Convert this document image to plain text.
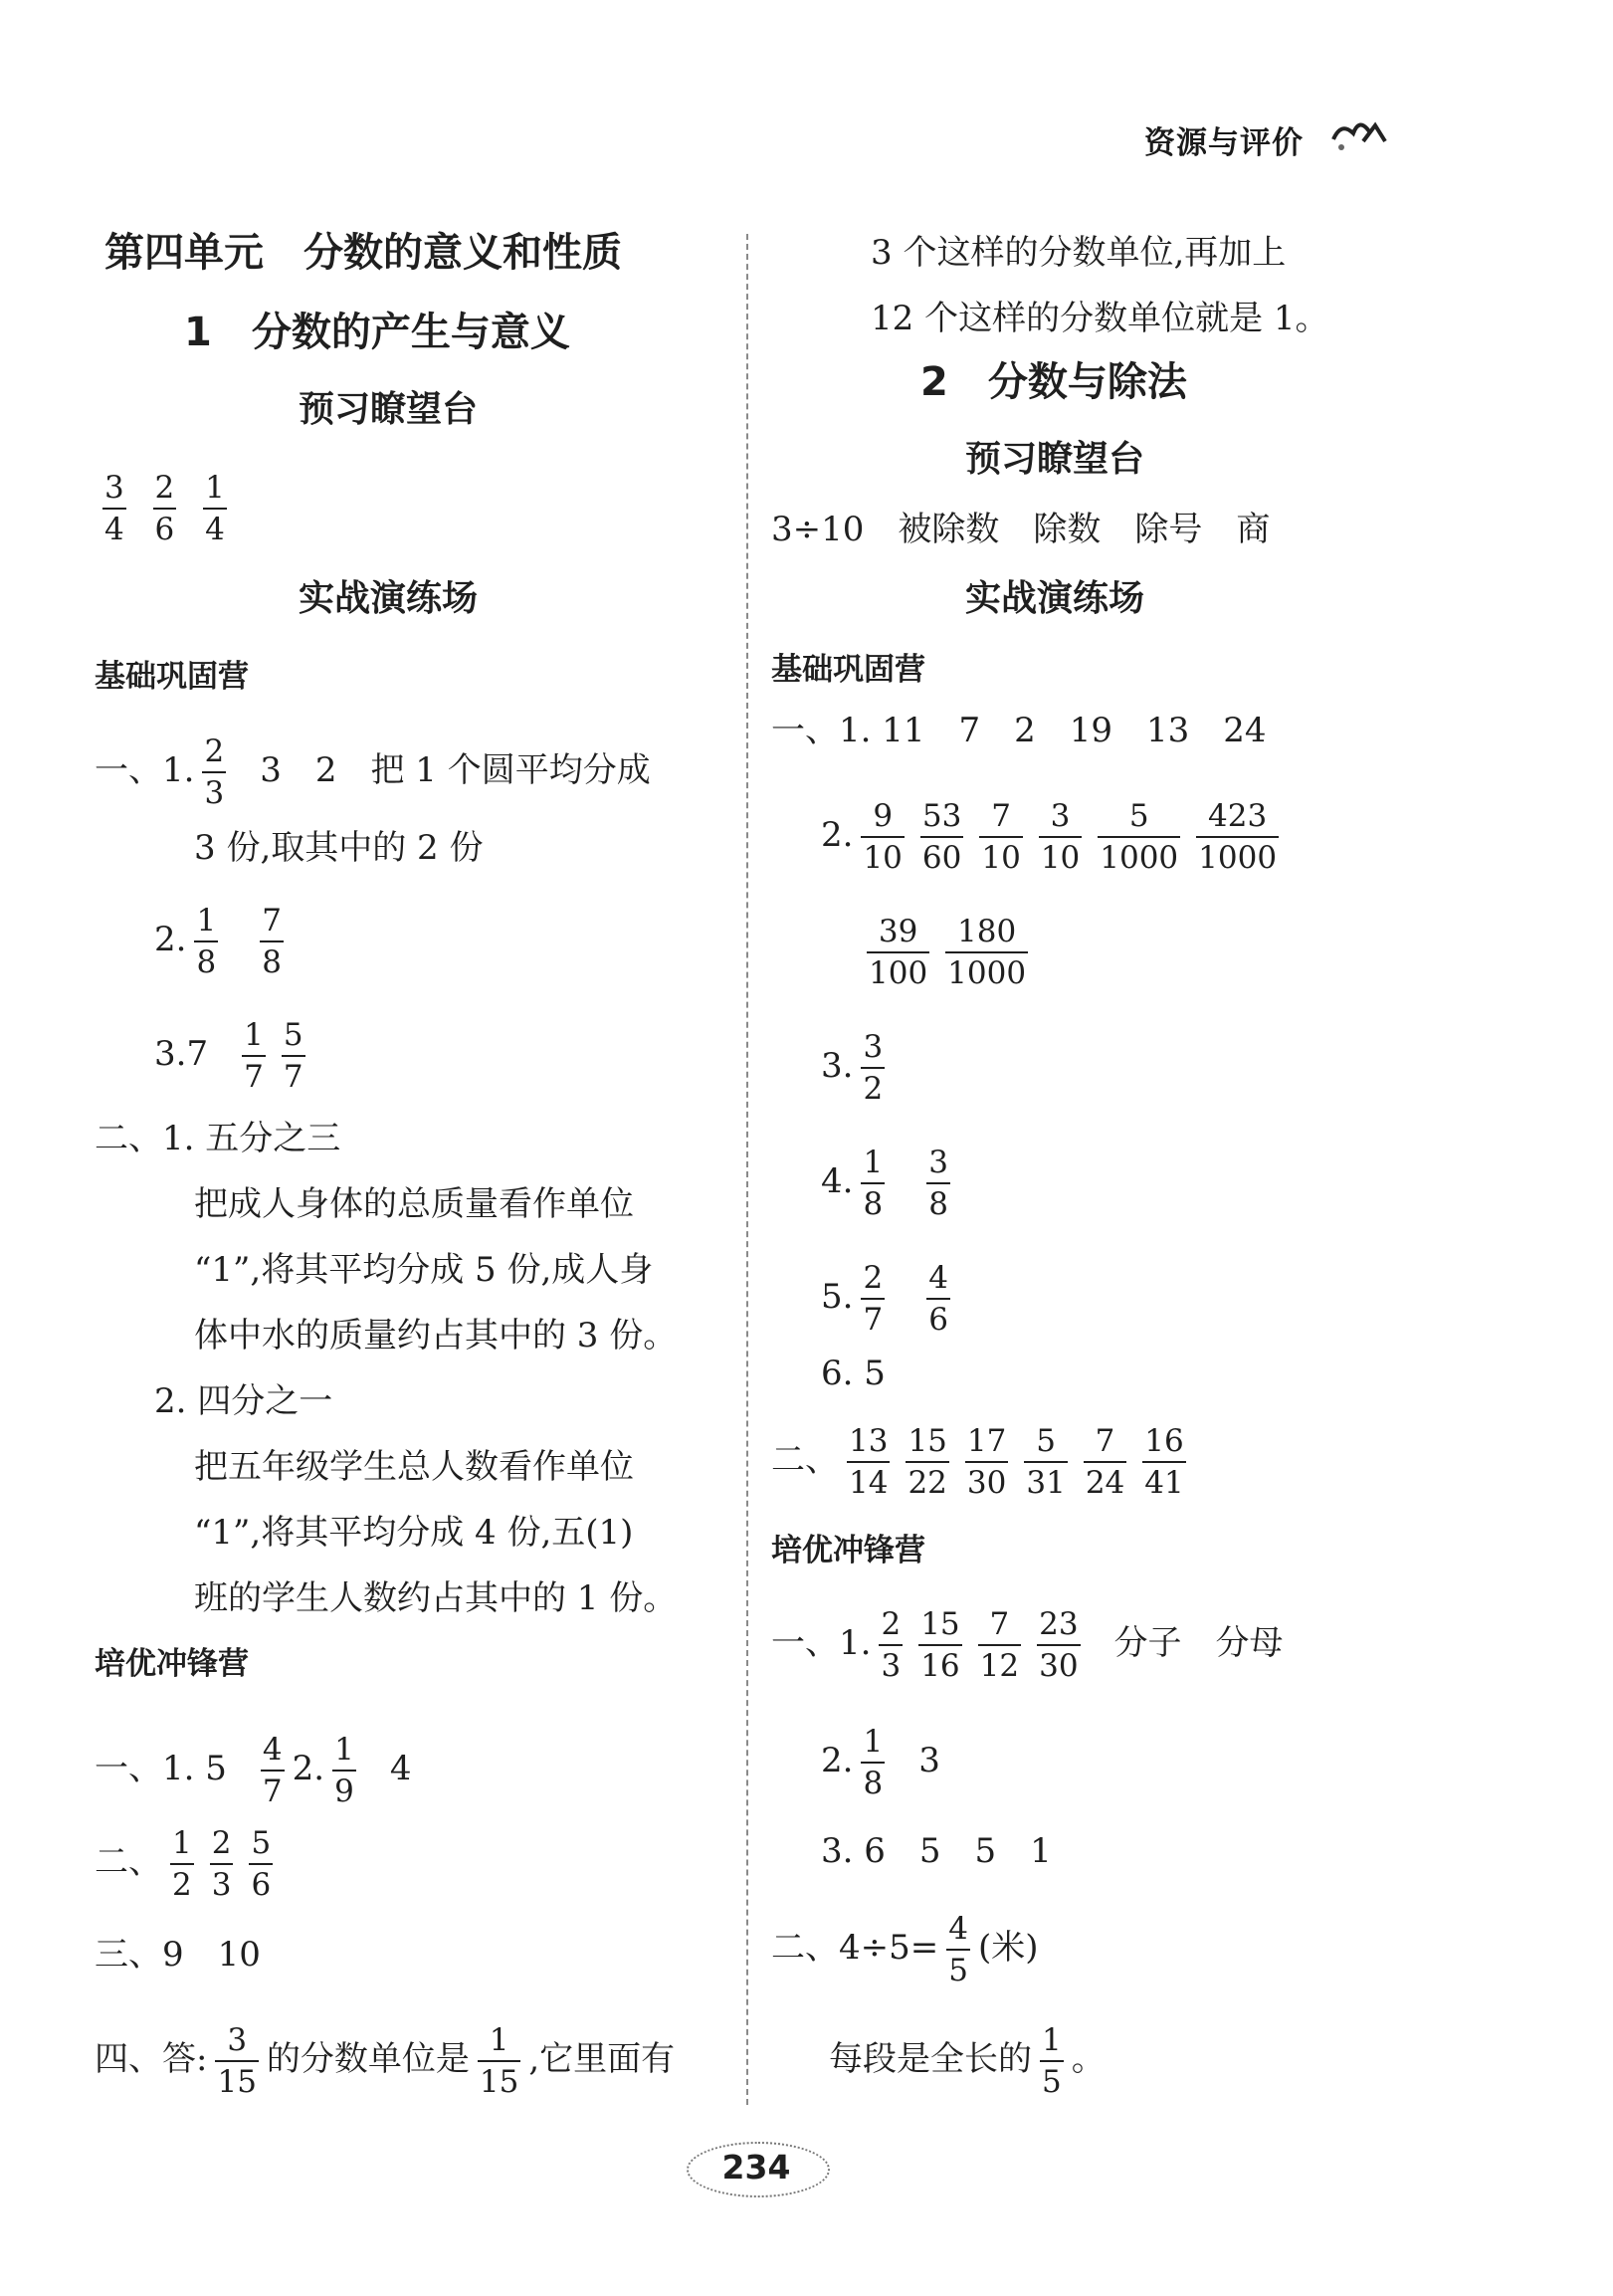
资源与评价
第四单元　分数的意义和性质
1　分数的产生与意义
预习瞭望台
$\frac{3}{4}$
$\frac{2}{6}$
$\frac{1}{4}$
实战演练场
基础巩固营
一、1. $\frac{2}{3} 3$　2　把 1 个圆平均分成
3 份,取其中的 2 份
2. $\frac{1}{8} \frac{7}{8}$
$3.7 \frac{1}{7} \frac{5}{7}$
二、1. 五分之三
把成人身体的总质量看作单位
“1”,将其平均分成 5 份,成人身
体中水的质量约占其中的 3 份。
2. 四分之一
把五年级学生总人数看作单位
“1”,将其平均分成 4 份,五(1)
班的学生人数约占其中的 1 份。
培优冲锋营
一、1. $5 \frac{4}{7} 2$. $\frac{1}{9} 4$
二、 $\frac{1}{2} \frac{2}{3} \frac{5}{6}$
三、9　10
四、答: $\frac{3}{15}$ 的分数单位是 $\frac{1}{15}$ ,它里面有
3 个这样的分数单位,再加上
12 个这样的分数单位就是 1。
2　分数与除法
预习瞭望台
3÷10　被除数　除数　除号　商
实战演练场
基础巩固营
一、1. 11　7　2　19　13　24
2. $\frac{9}{10} \frac{53}{60} \frac{7}{10} \frac{3}{10} \frac{5}{1000} \frac{423}{1000}$
$\frac{39}{100} \frac{180}{1000}$
3. $\frac{3}{2}$
4. $\frac{1}{8} \frac{3}{8}$
5. $\frac{2}{7} \frac{4}{6}$
6. 5
二、 $\frac{13}{14} \frac{15}{22} \frac{17}{30} \frac{5}{31} \frac{7}{24} \frac{16}{41}$
培优冲锋营
一、1. $\frac{2}{3} \frac{15}{16} \frac{7}{12} \frac{23}{30}$ 分子　分母
2. $\frac{1}{8} 3$
3. 6　5　5　1
二、$4\div 5= \frac{4}{5}$ (米)
每段是全长的 $\frac{1}{5}$ 。
234
